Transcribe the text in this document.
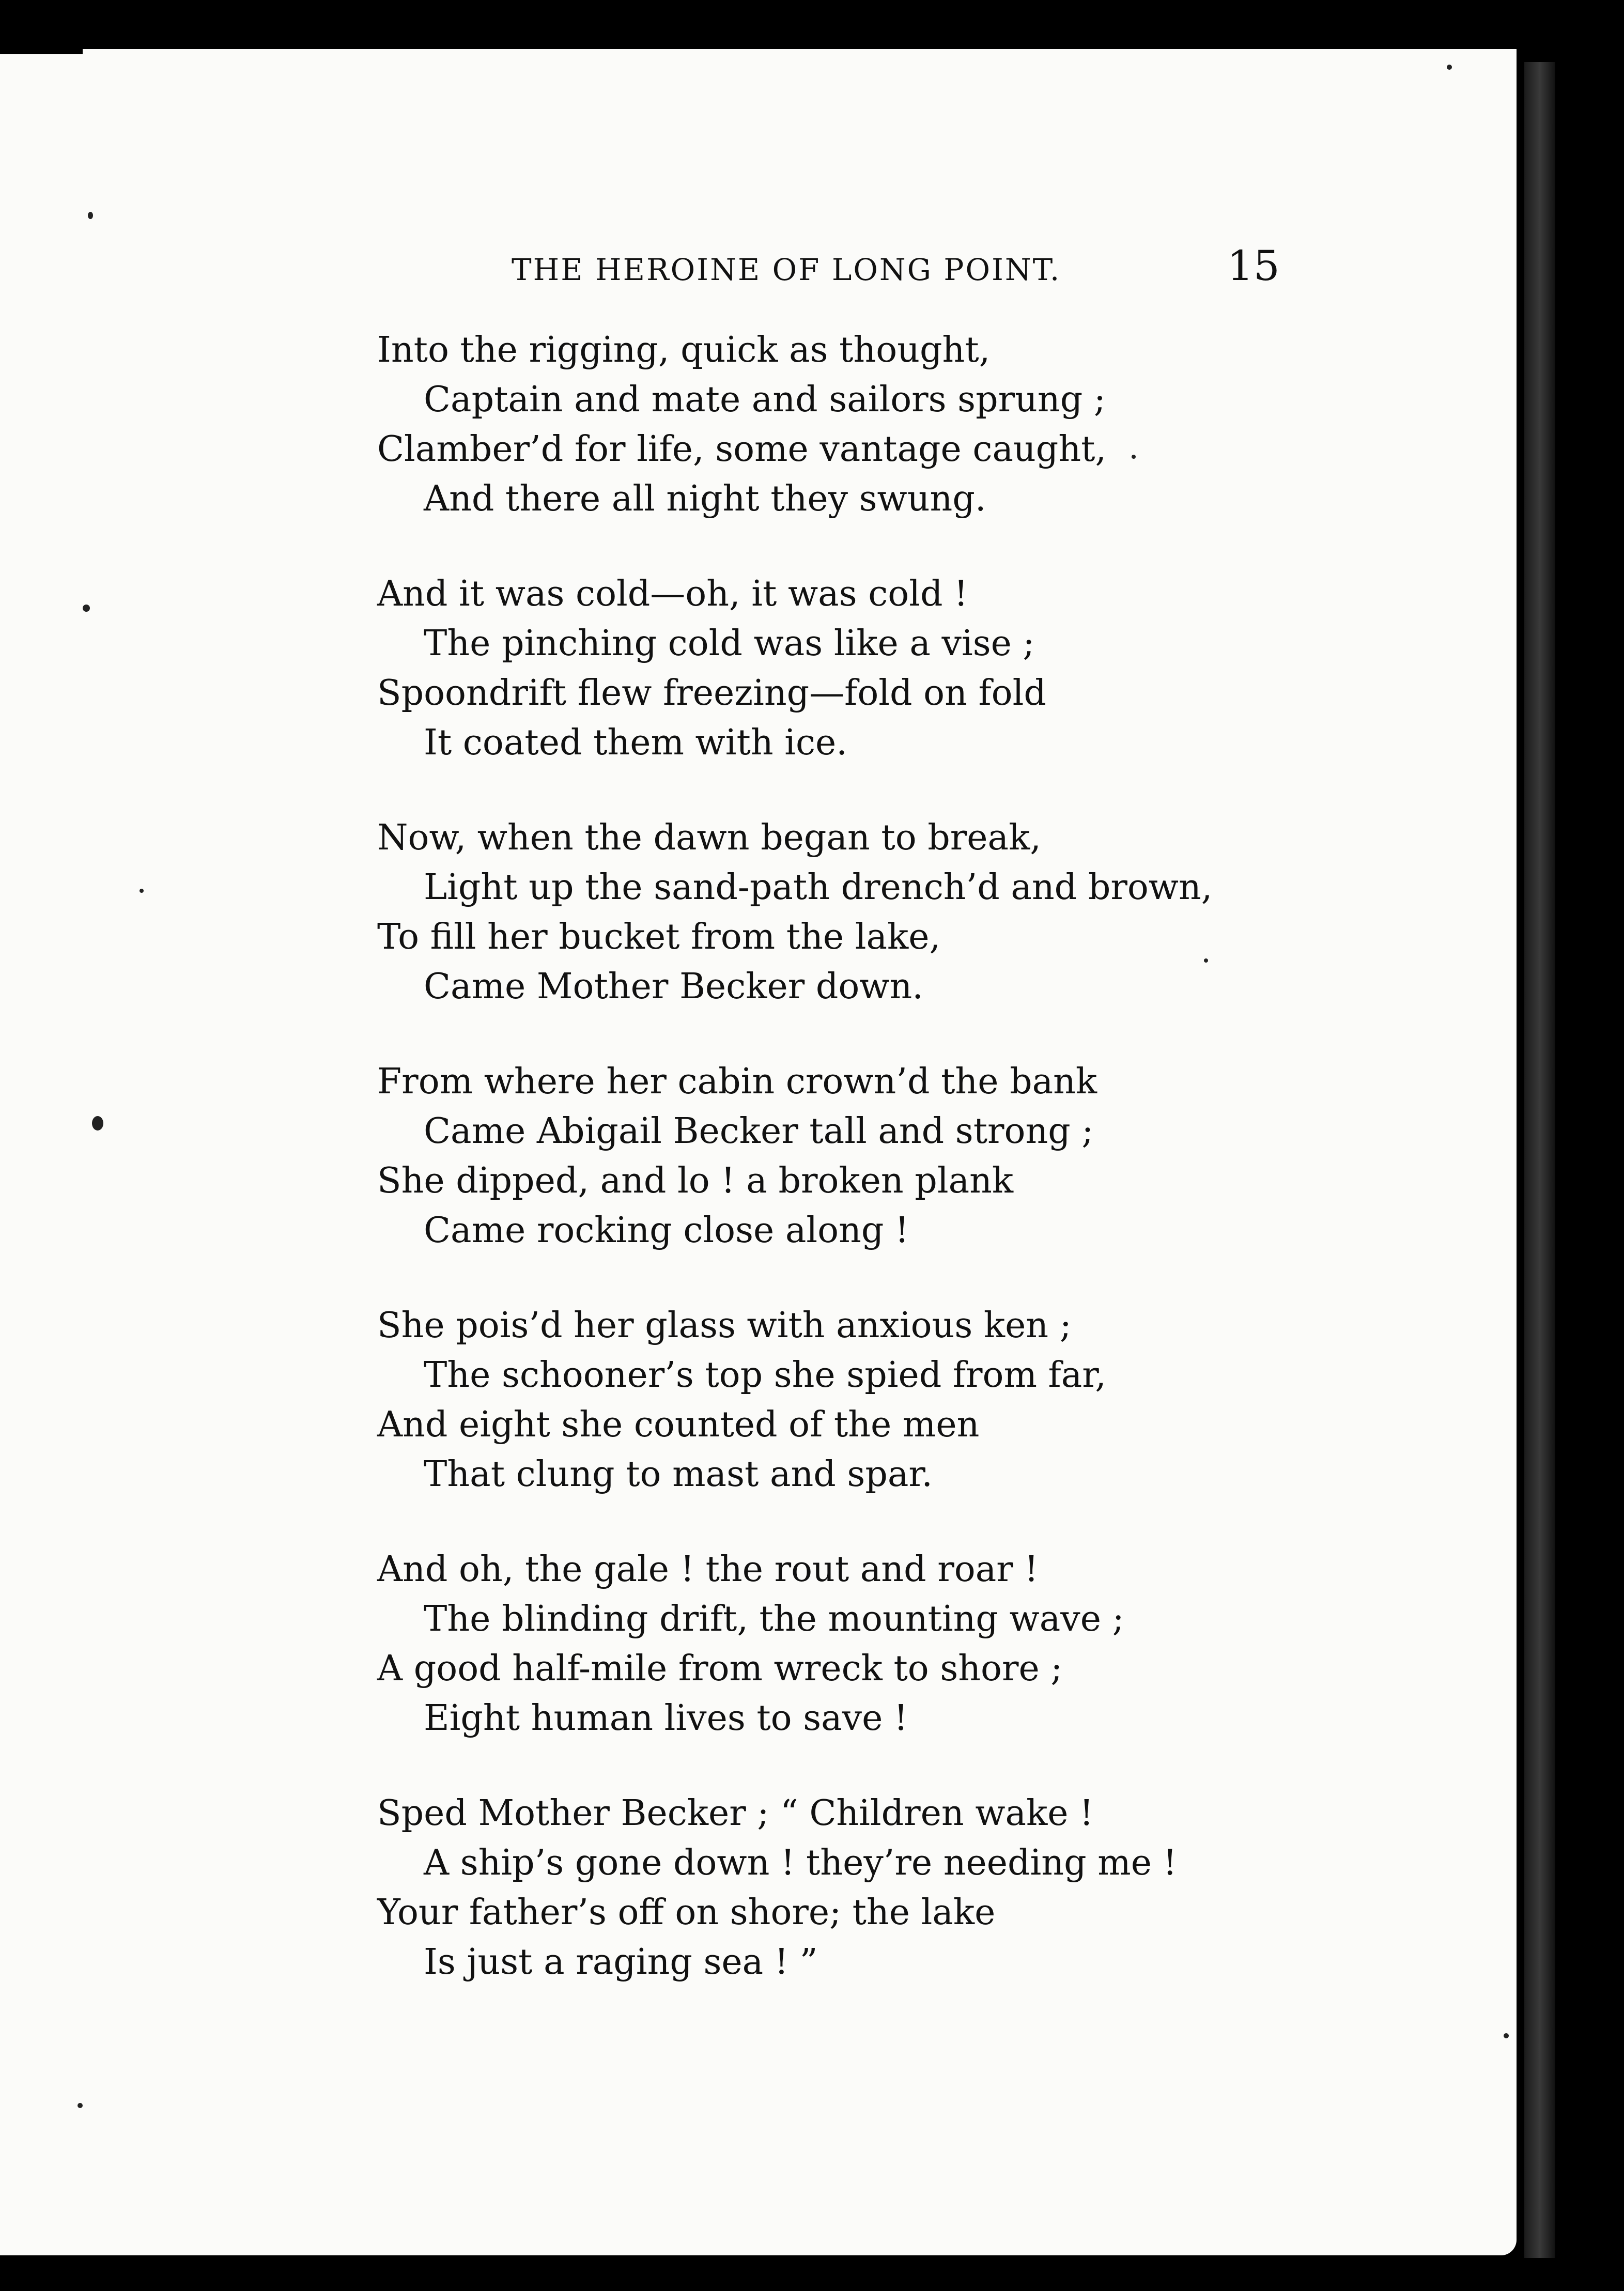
THE HEROINE OF LONG POINT.	15
Into the rigging, quick as thought,
Captain and mate and sailors sprung ;
Clamber’d for life, some vantage caught,
And there all night they swung.
And it was cold—oh, it was cold !
The pinching cold was like a vise ;
Spoondrift flew freezing—fold on fold
It coated them with ice.
Now, when the dawn began to break,
Light up the sand-path drench’d and brown,
To fill her bucket from the lake,
Came Mother Becker down.
From where her cabin crown’d the bank
Came Abigail Becker tall and strong ;
She dipped, and lo ! a broken plank
Came rocking close along !
She pois’d her glass with anxious ken ;
The schooner’s top she spied from far,
And eight she counted of the men
That clung to mast and spar.
And oh, the gale ! the rout and roar !
The blinding drift, the mounting wave ;
A good half-mile from wreck to shore ;
Eight human lives to save !
Sped Mother Becker ; “ Children wake !
A ship’s gone down ! they’re needing me !
Your father’s off on shore; the lake
Is just a raging sea ! ”
